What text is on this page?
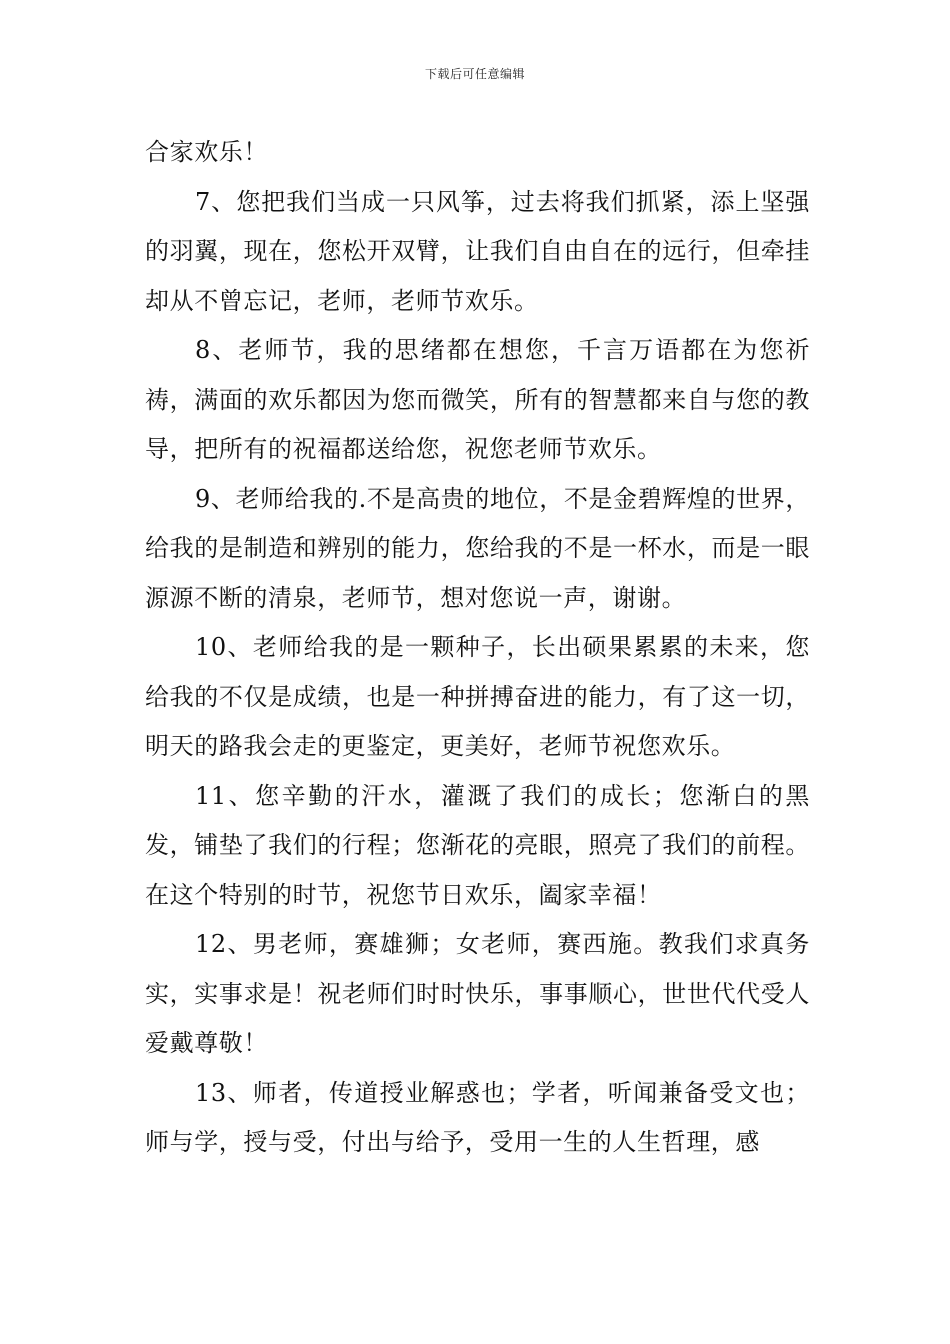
下载后可任意编辑

合家欢乐！

7、您把我们当成一只风筝，过去将我们抓紧，添上坚强的羽翼，现在，您松开双臂，让我们自由自在的远行，但牵挂却从不曾忘记，老师，老师节欢乐。

8、老师节，我的思绪都在想您，千言万语都在为您祈祷，满面的欢乐都因为您而微笑，所有的智慧都来自与您的教导，把所有的祝福都送给您，祝您老师节欢乐。

9、老师给我的.不是高贵的地位，不是金碧辉煌的世界，给我的是制造和辨别的能力，您给我的不是一杯水，而是一眼源源不断的清泉，老师节，想对您说一声，谢谢。

10、老师给我的是一颗种子，长出硕果累累的未来，您给我的不仅是成绩，也是一种拼搏奋进的能力，有了这一切，明天的路我会走的更鉴定，更美好，老师节祝您欢乐。

11、您辛勤的汗水，灌溉了我们的成长；您渐白的黑发，铺垫了我们的行程；您渐花的亮眼，照亮了我们的前程。在这个特别的时节，祝您节日欢乐，阖家幸福！

12、男老师，赛雄狮；女老师，赛西施。教我们求真务实，实事求是！祝老师们时时快乐，事事顺心，世世代代受人爱戴尊敬！

13、师者，传道授业解惑也；学者，听闻兼备受文也；师与学，授与受，付出与给予，受用一生的人生哲理，感
